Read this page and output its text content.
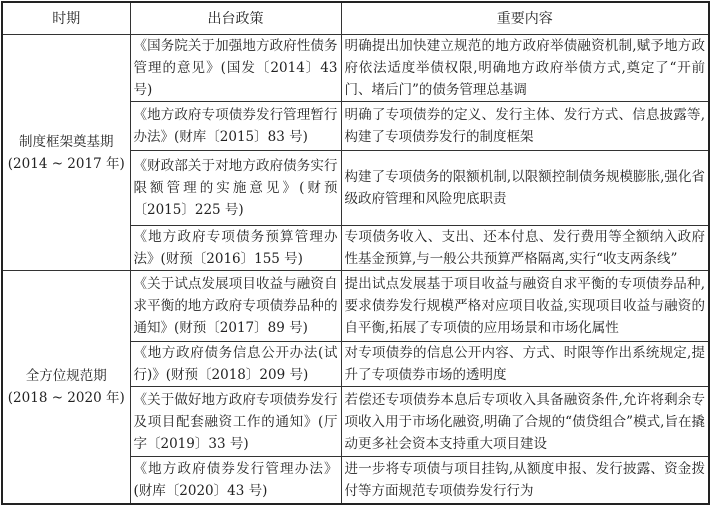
时期	出台政策	重要内容

制度框架奠基期
(2014 ~ 2017 年)	《国务院关于加强地方政府性债务管理的意见》(国发〔2014〕43 号)	明确提出加快建立规范的地方政府举债融资机制,赋予地方政府依法适度举债权限,明确地方政府举债方式,奠定了“开前门、堵后门”的债务管理总基调
	《地方政府专项债券发行管理暂行办法》(财库〔2015〕83 号)	明确了专项债券的定义、发行主体、发行方式、信息披露等,构建了专项债券发行的制度框架
	《财政部关于对地方政府债务实行限额管理的实施意见》(财预〔2015〕225 号)	构建了专项债务的限额机制,以限额控制债务规模膨胀,强化省级政府管理和风险兜底职责
	《地方政府专项债务预算管理办法》(财预〔2016〕155 号)	专项债务收入、支出、还本付息、发行费用等全额纳入政府性基金预算,与一般公共预算严格隔离,实行“收支两条线”

全方位规范期
(2018 ~ 2020 年)	《关于试点发展项目收益与融资自求平衡的地方政府专项债券品种的通知》(财预〔2017〕89 号)	提出试点发展基于项目收益与融资自求平衡的专项债券品种,要求债券发行规模严格对应项目收益,实现项目收益与融资的自平衡,拓展了专项债的应用场景和市场化属性
	《地方政府债务信息公开办法(试行)》(财预〔2018〕209 号)	对专项债券的信息公开内容、方式、时限等作出系统规定,提升了专项债券市场的透明度
	《关于做好地方政府专项债券发行及项目配套融资工作的通知》(厅字〔2019〕33 号)	若偿还专项债券本息后专项收入具备融资条件,允许将剩余专项收入用于市场化融资,明确了合规的“债贷组合”模式,旨在撬动更多社会资本支持重大项目建设
	《地方政府债券发行管理办法》(财库〔2020〕43 号)	进一步将专项债与项目挂钩,从额度申报、发行披露、资金拨付等方面规范专项债券发行行为
